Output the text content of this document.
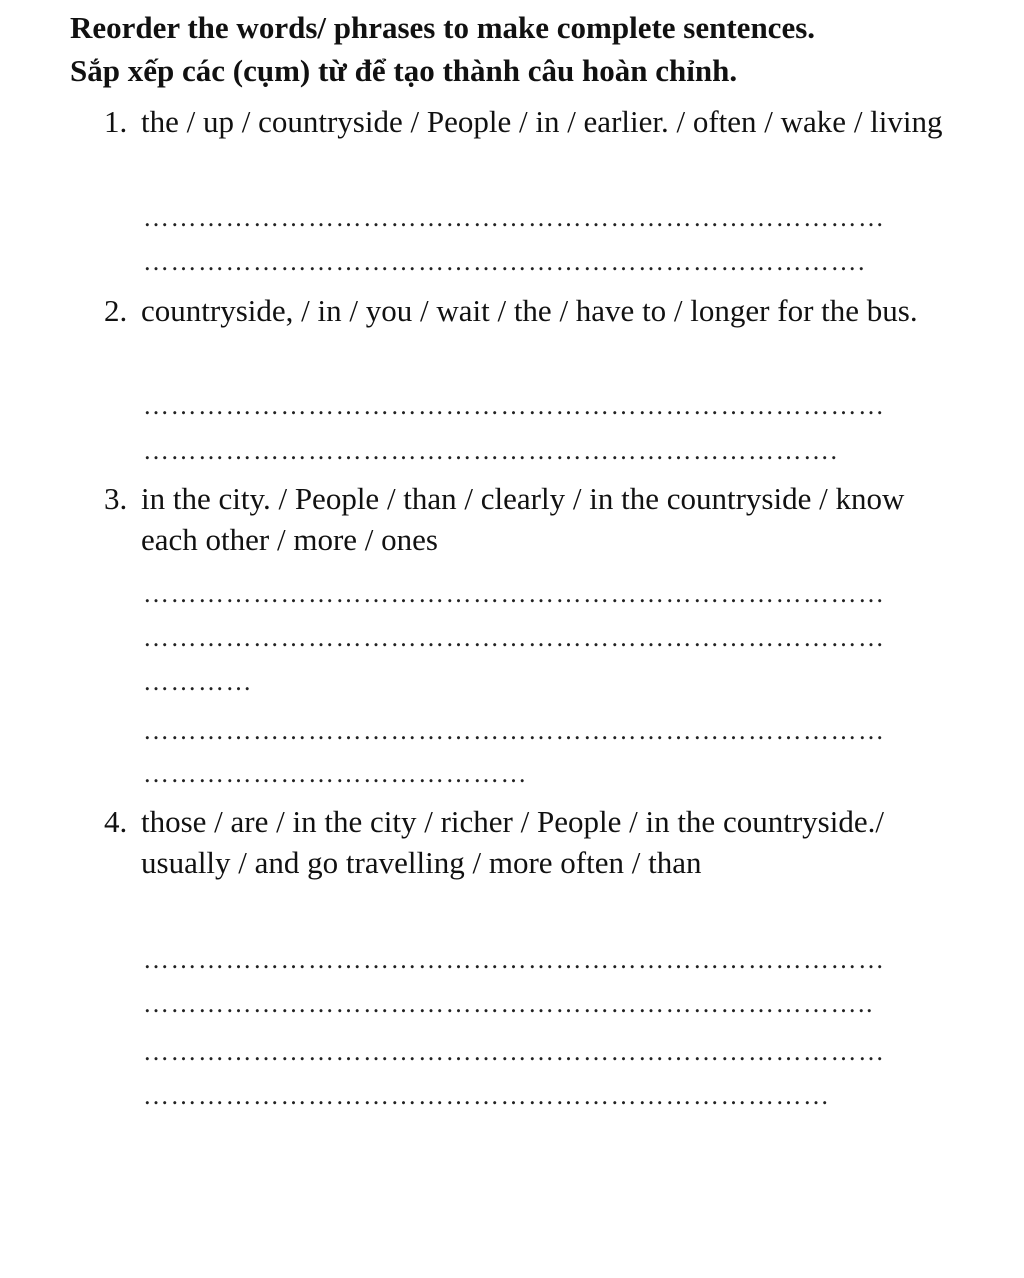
Reorder the words/ phrases to make complete sentences.
Sắp xếp các (cụm) từ để tạo thành câu hoàn chỉnh.
1. the / up / countryside / People / in / earlier. / often / wake / living
………………………………………………………………………
…………………………………………………………………….
2. countryside, / in / you / wait / the / have to / longer for the bus.
………………………………………………………………………
………………………………………………………………….
3. in the city. / People / than / clearly / in the countryside / know each other / more / ones
………………………………………………………………………
………………………………………………………………………
…………
………………………………………………………………………
……………………………………
4. those / are / in the city / richer / People / in the countryside./ usually / and go travelling / more often / than
………………………………………………………………………
……………………………………………………………………..
………………………………………………………………………
…………………………………………………………………
